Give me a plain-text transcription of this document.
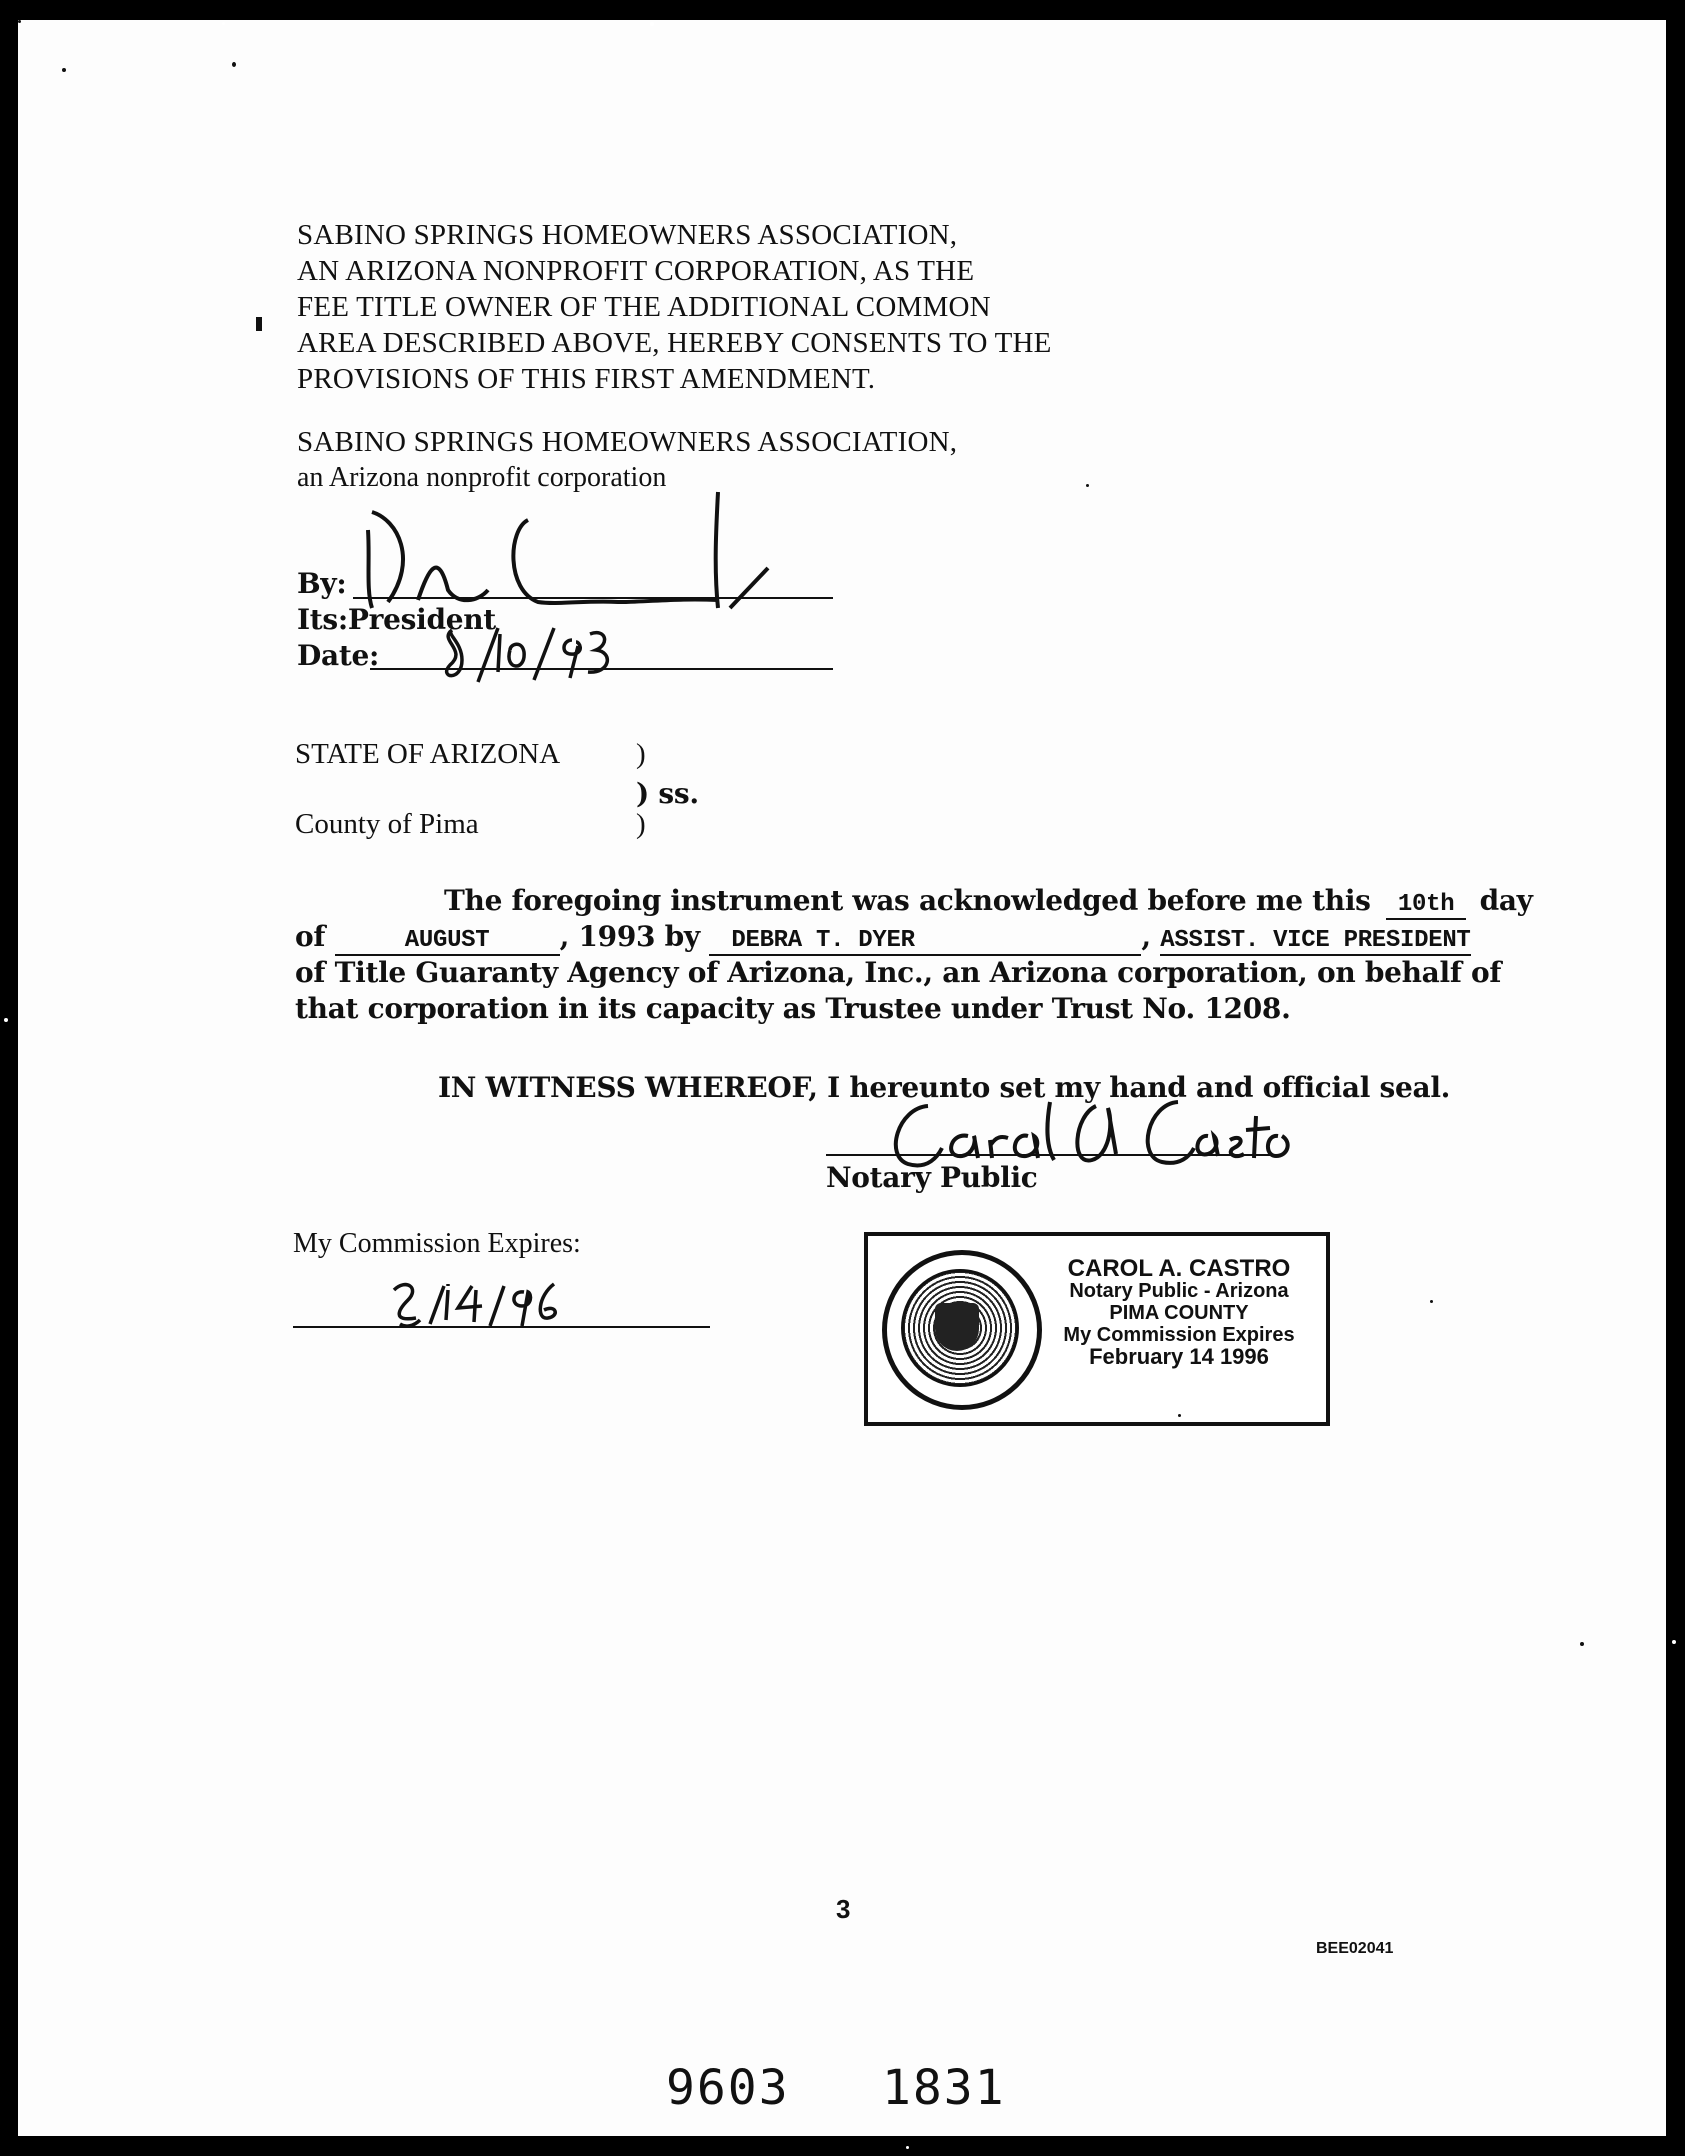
SABINO SPRINGS HOMEOWNERS ASSOCIATION,
AN ARIZONA NONPROFIT CORPORATION, AS THE
FEE TITLE OWNER OF THE ADDITIONAL COMMON
AREA DESCRIBED ABOVE, HEREBY CONSENTS TO THE
PROVISIONS OF THIS FIRST AMENDMENT.
SABINO SPRINGS HOMEOWNERS ASSOCIATION,
an Arizona nonprofit corporation
By:
Its:President
Date:
STATE OF ARIZONA	)
) ss.
County of Pima	)
The foregoing instrument was acknowledged before me this 10th day
of	AUGUST	, 1993 by DEBRA T. DYER	, ASSIST. VICE PRESIDENT
of Title Guaranty Agency of Arizona, Inc., an Arizona corporation, on behalf of
that corporation in its capacity as Trustee under Trust No. 1208.
IN WITNESS WHEREOF, I hereunto set my hand and official seal.
Notary Public
My Commission Expires:
CAROL A. CASTRO
Notary Public - Arizona
PIMA COUNTY
My Commission Expires
February 14 1996
3
BEE02041
9603 1831
